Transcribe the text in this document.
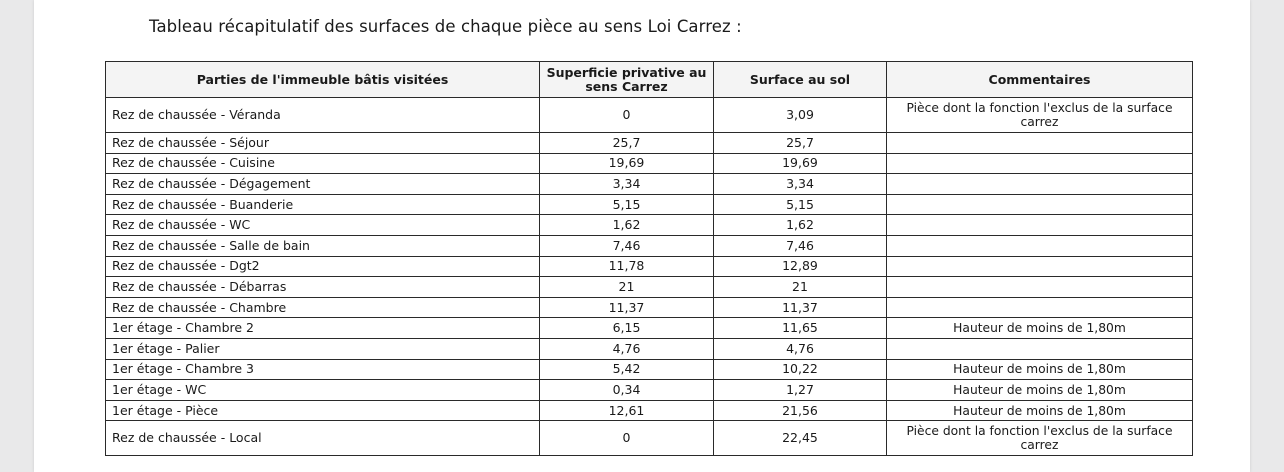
Tableau récapitulatif des surfaces de chaque pièce au sens Loi Carrez :
Parties de l'immeuble bâtis visitées	Superficie privative au sens Carrez	Surface au sol	Commentaires
Rez de chaussée - Véranda	0	3,09	Pièce dont la fonction l'exclus de la surface carrez
Rez de chaussée - Séjour	25,7	25,7	
Rez de chaussée - Cuisine	19,69	19,69	
Rez de chaussée - Dégagement	3,34	3,34	
Rez de chaussée - Buanderie	5,15	5,15	
Rez de chaussée - WC	1,62	1,62	
Rez de chaussée - Salle de bain	7,46	7,46	
Rez de chaussée - Dgt2	11,78	12,89	
Rez de chaussée - Débarras	21	21	
Rez de chaussée - Chambre	11,37	11,37	
1er étage - Chambre 2	6,15	11,65	Hauteur de moins de 1,80m
1er étage - Palier	4,76	4,76	
1er étage - Chambre 3	5,42	10,22	Hauteur de moins de 1,80m
1er étage - WC	0,34	1,27	Hauteur de moins de 1,80m
1er étage - Pièce	12,61	21,56	Hauteur de moins de 1,80m
Rez de chaussée - Local	0	22,45	Pièce dont la fonction l'exclus de la surface carrez
